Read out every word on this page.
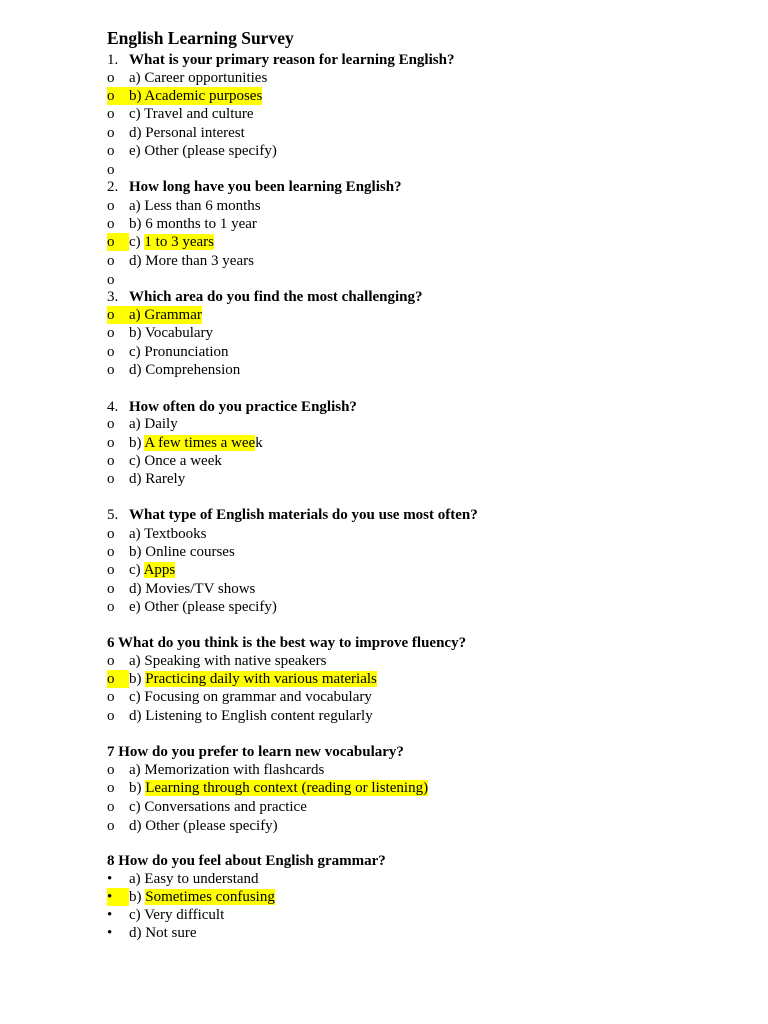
English Learning Survey
1. What is your primary reason for learning English?
o a) Career opportunities
o b) Academic purposes
o c) Travel and culture
o d) Personal interest
o e) Other (please specify)
o
2. How long have you been learning English?
o a) Less than 6 months
o b) 6 months to 1 year
o c) 1 to 3 years
o d) More than 3 years
o
3. Which area do you find the most challenging?
o a) Grammar
o b) Vocabulary
o c) Pronunciation
o d) Comprehension
4. How often do you practice English?
o a) Daily
o b) A few times a week
o c) Once a week
o d) Rarely
5. What type of English materials do you use most often?
o a) Textbooks
o b) Online courses
o c) Apps
o d) Movies/TV shows
o e) Other (please specify)
6 What do you think is the best way to improve fluency?
o a) Speaking with native speakers
o b) Practicing daily with various materials
o c) Focusing on grammar and vocabulary
o d) Listening to English content regularly
7 How do you prefer to learn new vocabulary?
o a) Memorization with flashcards
o b) Learning through context (reading or listening)
o c) Conversations and practice
o d) Other (please specify)
8 How do you feel about English grammar?
•	a) Easy to understand
•	b) Sometimes confusing
•	c) Very difficult
•	d) Not sure
